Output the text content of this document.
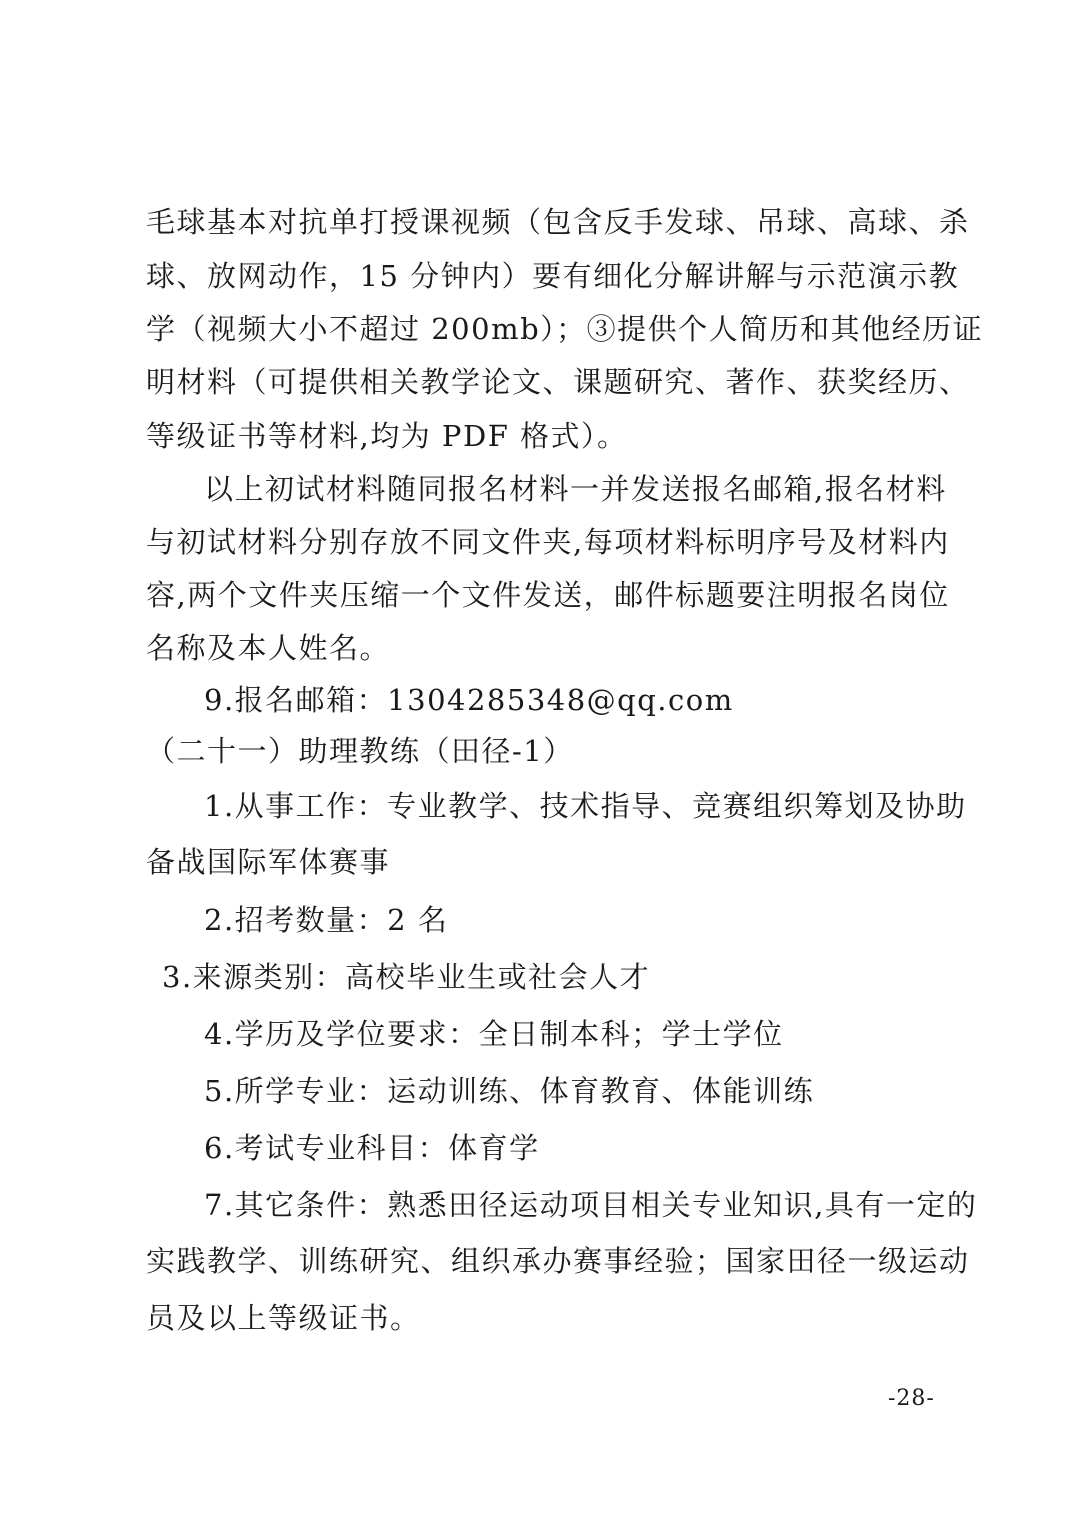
毛球基本对抗单打授课视频（包含反手发球、吊球、高球、杀
球、放网动作，15 分钟内）要有细化分解讲解与示范演示教
学（视频大小不超过 200mb）；③提供个人简历和其他经历证
明材料（可提供相关教学论文、课题研究、著作、获奖经历、
等级证书等材料,均为 PDF 格式）。
以上初试材料随同报名材料一并发送报名邮箱,报名材料
与初试材料分别存放不同文件夹,每项材料标明序号及材料内
容,两个文件夹压缩一个文件发送，邮件标题要注明报名岗位
名称及本人姓名。
9.报名邮箱：1304285348@qq.com
（二十一）助理教练（田径-1）
1.从事工作：专业教学、技术指导、竞赛组织筹划及协助
备战国际军体赛事
2.招考数量：2 名
3.来源类别：高校毕业生或社会人才
4.学历及学位要求：全日制本科；学士学位
5.所学专业：运动训练、体育教育、体能训练
6.考试专业科目：体育学
7.其它条件：熟悉田径运动项目相关专业知识,具有一定的
实践教学、训练研究、组织承办赛事经验；国家田径一级运动
员及以上等级证书。
-28-
